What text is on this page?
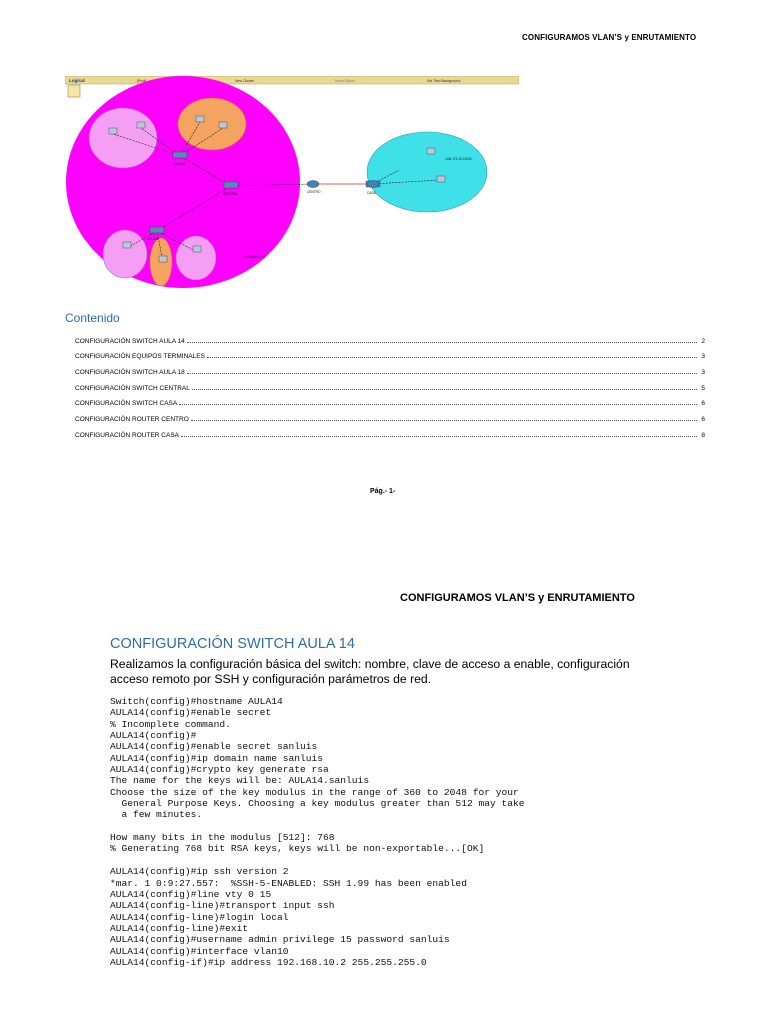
CONFIGURAMOS VLAN’S y ENRUTAMIENTO
Logical	[Root]	New Cluster	Move Object	Set Tiled Background
AULA14
CENTRAL
AULA18
CENTRO	CASA
LAN 172.16.0.0/24
LAN SAN LUIS
Contenido
CONFIGURACIÓN SWITCH AULA 14	2
CONFIGURACIÓN EQUIPOS TERMINALES	3
CONFIGURACIÓN SWITCH AULA 18	3
CONFIGURACIÓN SWITCH CENTRAL	5
CONFIGURACIÓN SWITCH CASA	6
CONFIGURACIÓN ROUTER CENTRO	6
CONFIGURACIÓN ROUTER CASA	8
Pág.- 1-
CONFIGURAMOS VLAN’S y ENRUTAMIENTO
CONFIGURACIÓN SWITCH AULA 14
Realizamos la configuración básica del switch: nombre, clave de acceso a enable, configuración acceso remoto por SSH y configuración parámetros de red.
Switch(config)#hostname AULA14
AULA14(config)#enable secret
% Incomplete command.
AULA14(config)#
AULA14(config)#enable secret sanluis
AULA14(config)#ip domain name sanluis
AULA14(config)#crypto key generate rsa
The name for the keys will be: AULA14.sanluis
Choose the size of the key modulus in the range of 360 to 2048 for your
General Purpose Keys. Choosing a key modulus greater than 512 may take
a few minutes.

How many bits in the modulus [512]: 768
% Generating 768 bit RSA keys, keys will be non-exportable...[OK]

AULA14(config)#ip ssh version 2
*mar. 1 0:9:27.557:  %SSH-5-ENABLED: SSH 1.99 has been enabled
AULA14(config)#line vty 0 15
AULA14(config-line)#transport input ssh
AULA14(config-line)#login local
AULA14(config-line)#exit
AULA14(config)#username admin privilege 15 password sanluis
AULA14(config)#interface vlan10
AULA14(config-if)#ip address 192.168.10.2 255.255.255.0
